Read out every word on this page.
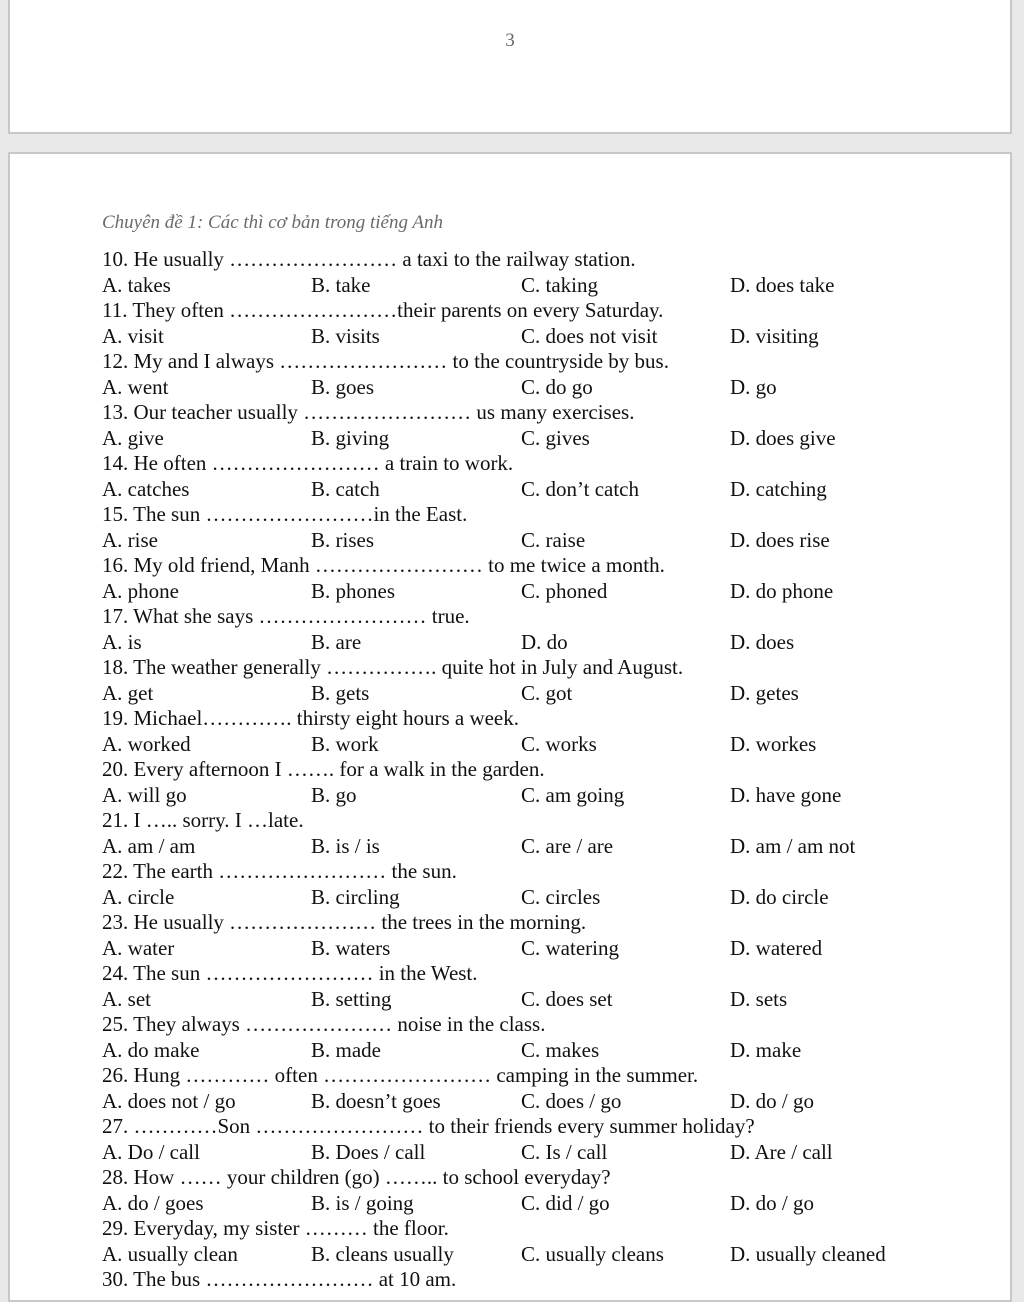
3
Chuyên đề 1: Các thì cơ bản trong tiếng Anh
10. He usually …………………… a taxi to the railway station.
A. takes	B. take	C. taking	D. does take
11. They often ……………………their parents on every Saturday.
A. visit	B. visits	C. does not visit	D. visiting
12. My and I always …………………… to the countryside by bus.
A. went	B. goes	C. do go	D. go
13. Our teacher usually …………………… us many exercises.
A. give	B. giving	C. gives	D. does give
14. He often …………………… a train to work.
A. catches	B. catch	C. don’t catch	D. catching
15. The sun ……………………in the East.
A. rise	B. rises	C. raise	D. does rise
16. My old friend, Manh …………………… to me twice a month.
A. phone	B. phones	C. phoned	D. do phone
17. What she says …………………… true.
A. is	B. are	D. do	D. does
18. The weather generally ……………. quite hot in July and August.
A. get	B. gets	C. got	D. getes
19. Michael…………. thirsty eight hours a week.
A. worked	B. work	C. works	D. workes
20. Every afternoon I ……. for a walk in the garden.
A. will go	B. go	C. am going	D. have gone
21. I ….. sorry. I …late.
A. am / am	B. is / is	C. are / are	D. am / am not
22. The earth …………………… the sun.
A. circle	B. circling	C. circles	D. do circle
23. He usually ………………… the trees in the morning.
A. water	B. waters	C. watering	D. watered
24. The sun …………………… in the West.
A. set	B. setting	C. does set	D. sets
25. They always ………………… noise in the class.
A. do make	B. made	C. makes	D. make
26. Hung ………… often …………………… camping in the summer.
A. does not / go	B. doesn’t goes	C. does / go	D. do / go
27. …………Son …………………… to their friends every summer holiday?
A. Do / call	B. Does / call	C. Is / call	D. Are / call
28. How …… your children (go) …….. to school everyday?
A. do / goes	B. is / going	C. did / go	D. do / go
29. Everyday, my sister ……… the floor.
A. usually clean	B. cleans usually	C. usually cleans	D. usually cleaned
30. The bus …………………… at 10 am.
